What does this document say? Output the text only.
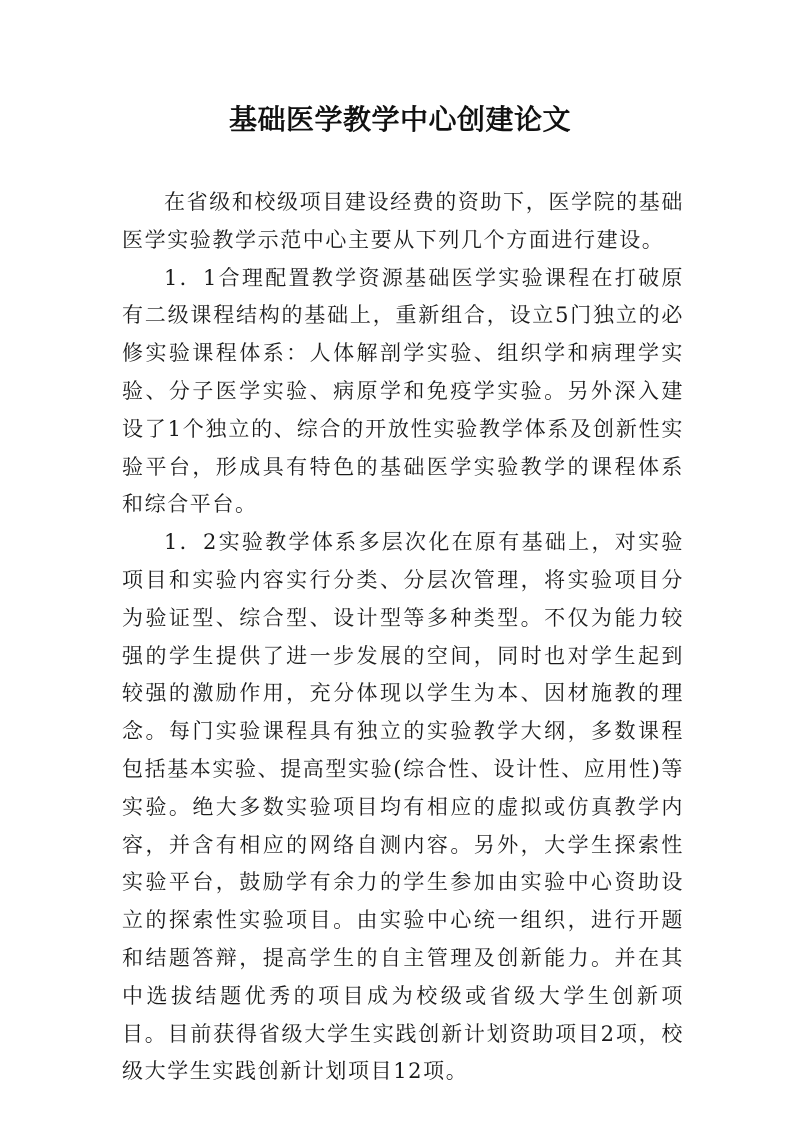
基础医学教学中心创建论文

在省级和校级项目建设经费的资助下，医学院的基础医学实验教学示范中心主要从下列几个方面进行建设。

1．1合理配置教学资源基础医学实验课程在打破原有二级课程结构的基础上，重新组合，设立5门独立的必修实验课程体系：人体解剖学实验、组织学和病理学实验、分子医学实验、病原学和免疫学实验。另外深入建设了1个独立的、综合的开放性实验教学体系及创新性实验平台，形成具有特色的基础医学实验教学的课程体系和综合平台。

1．2实验教学体系多层次化在原有基础上，对实验项目和实验内容实行分类、分层次管理，将实验项目分为验证型、综合型、设计型等多种类型。不仅为能力较强的学生提供了进一步发展的空间，同时也对学生起到较强的激励作用，充分体现以学生为本、因材施教的理念。每门实验课程具有独立的实验教学大纲，多数课程包括基本实验、提高型实验(综合性、设计性、应用性)等实验。绝大多数实验项目均有相应的虚拟或仿真教学内容，并含有相应的网络自测内容。另外，大学生探索性实验平台，鼓励学有余力的学生参加由实验中心资助设立的探索性实验项目。由实验中心统一组织，进行开题和结题答辩，提高学生的自主管理及创新能力。并在其中选拔结题优秀的项目成为校级或省级大学生创新项目。目前获得省级大学生实践创新计划资助项目2项，校级大学生实践创新计划项目12项。
